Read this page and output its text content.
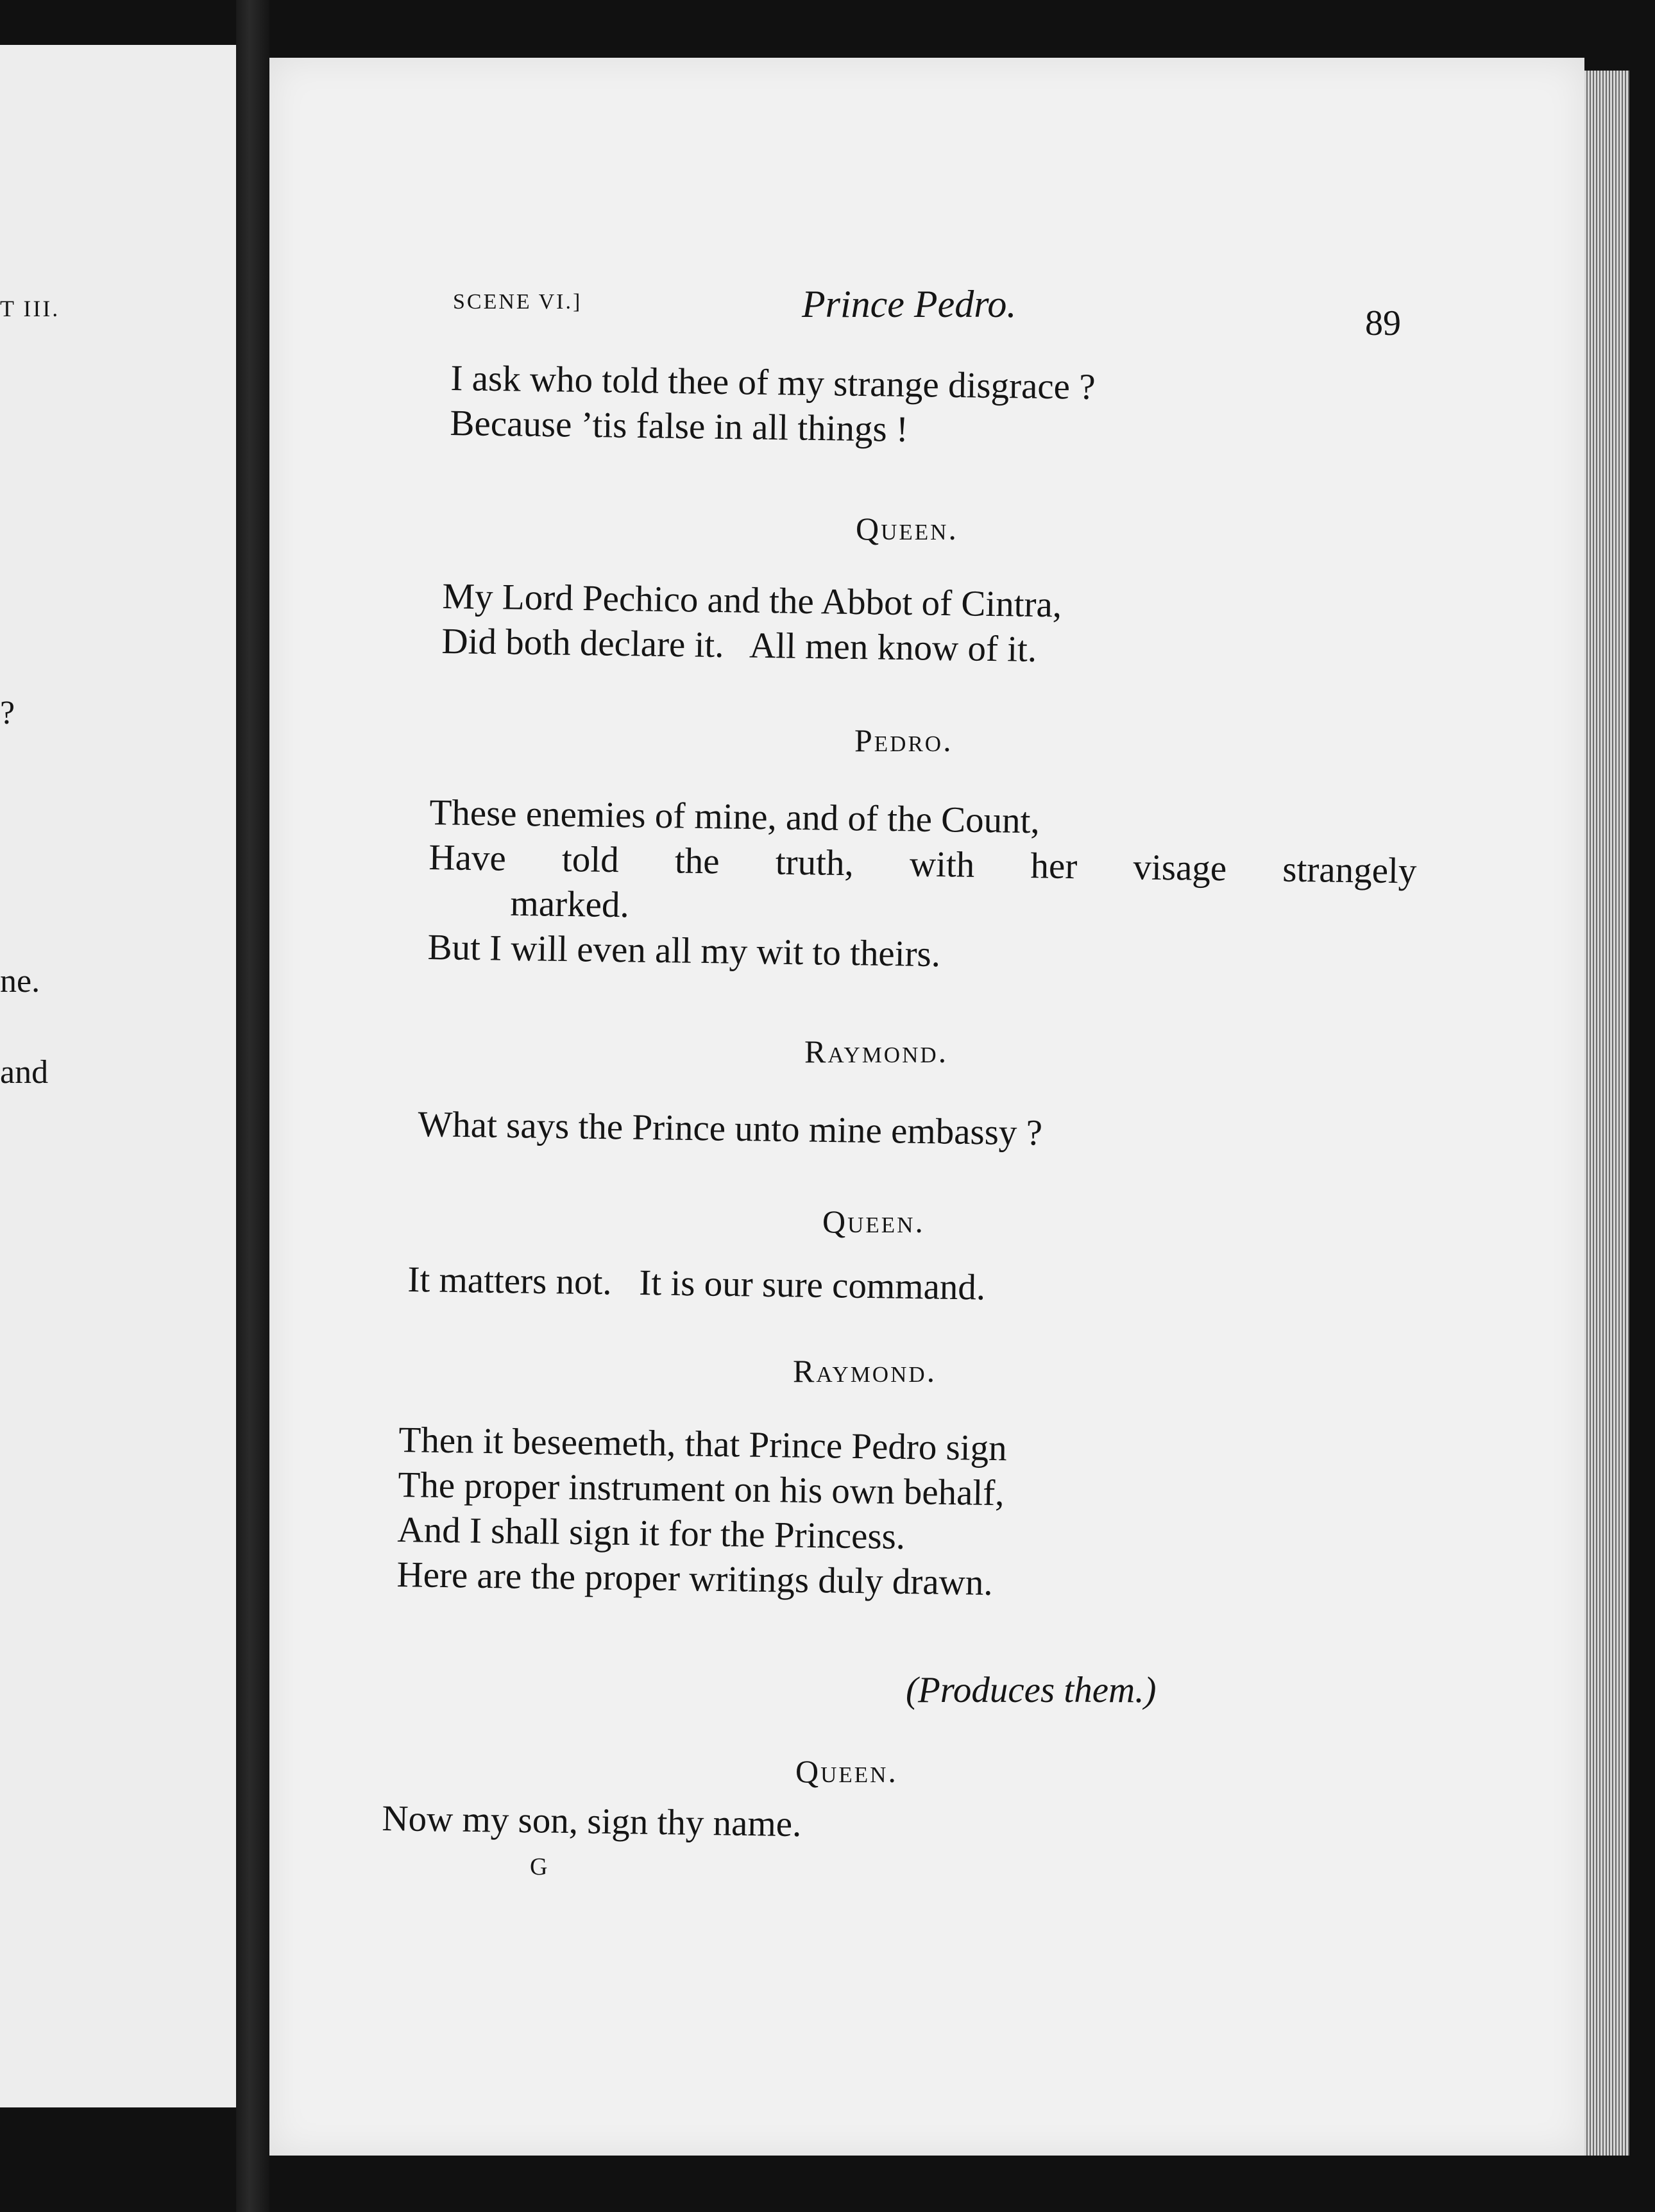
T III.
?
ne.
and
SCENE VI.]	Prince Pedro.	89
I ask who told thee of my strange disgrace ?
Because ’tis false in all things !
Queen.
My Lord Pechico and the Abbot of Cintra,
Did both declare it.   All men know of it.
Pedro.
These enemies of mine, and of the Count,
Have told the truth, with her visage strangely
marked.
But I will even all my wit to theirs.
Raymond.
What says the Prince unto mine embassy ?
Queen.
It matters not.   It is our sure command.
Raymond.
Then it beseemeth, that Prince Pedro sign
The proper instrument on his own behalf,
And I shall sign it for the Princess.
Here are the proper writings duly drawn.
(Produces them.)
Queen.
Now my son, sign thy name.
G
